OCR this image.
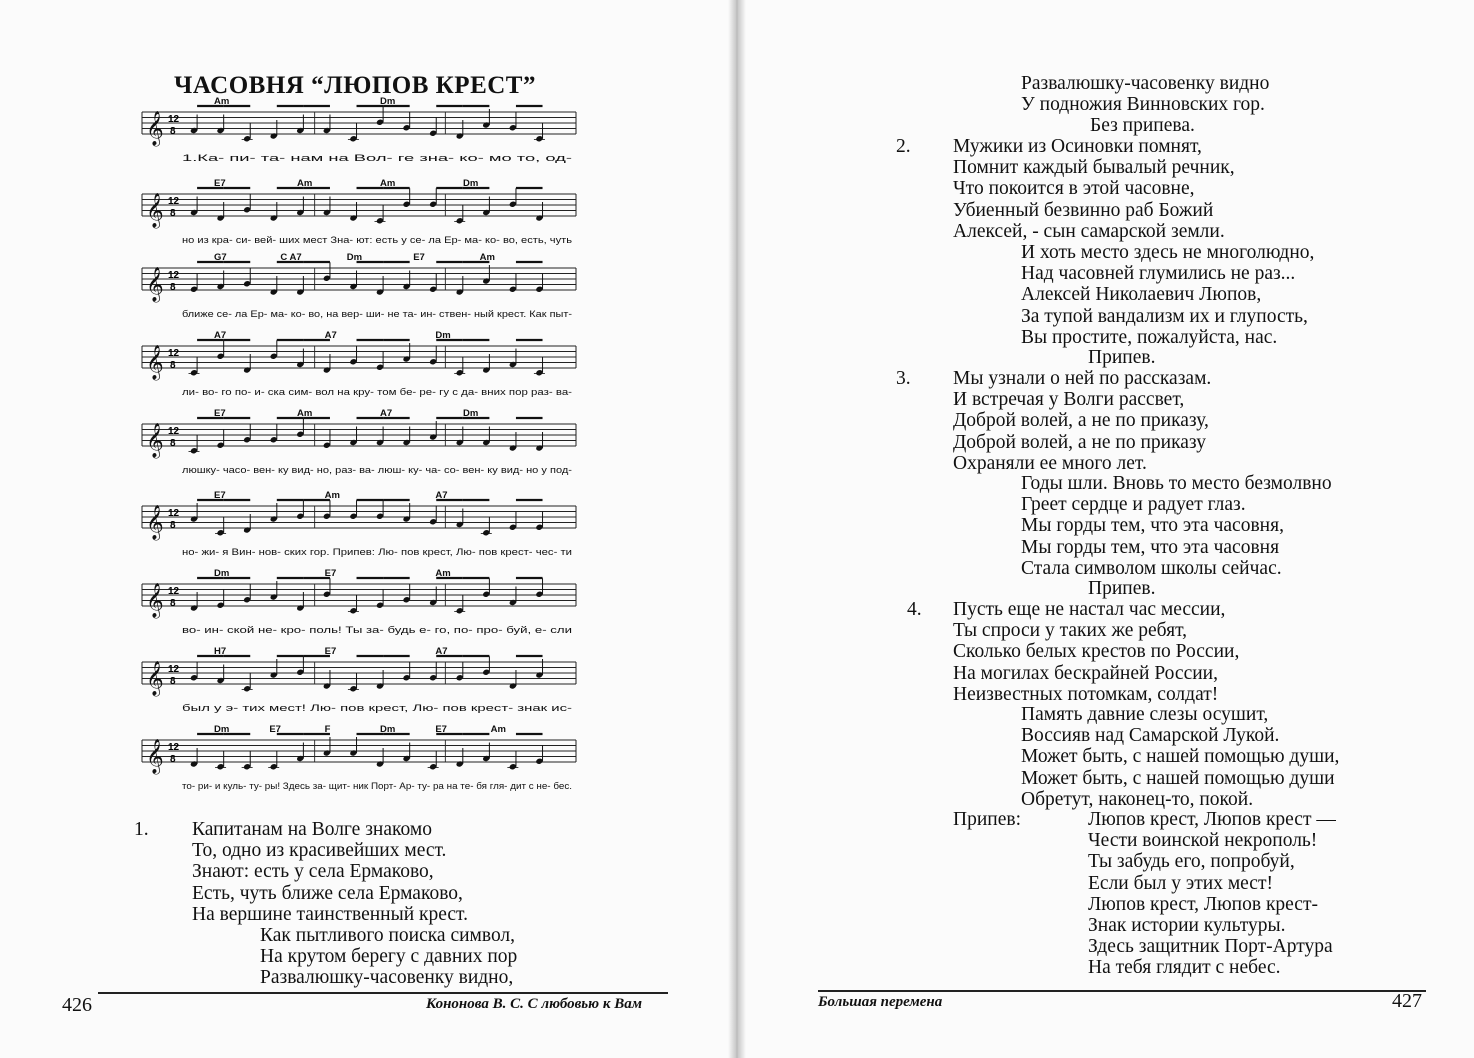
ЧАСОВНЯ “ЛЮПОВ КРЕСТ”
𝄞 12
8
Am	Dm
1.Ка- пи- та- нам на Вол- ге зна- ко- мо то, од-
𝄞 12
8
E7	Am	Am	Dm
но из кра- си- вей- ших мест Зна- ют: есть у се- ла Ер- ма- ко- во, есть, чуть
𝄞 12
8
G7	C A7	Dm	E7	Am
ближе се- ла Ер- ма- ко- во, на вер- ши- не та- ин- ствен- ный крест. Как пыт-
𝄞 12
8
A7	A7	Dm
ли- во- го по- и- ска сим- вол на кру- том бе- ре- гу с да- вних пор раз- ва-
𝄞 12
8
E7	Am	A7	Dm
люшку- часо- вен- ку вид- но, раз- ва- люш- ку- ча- со- вен- ку вид- но у под-
𝄞 12
8
E7	Am	A7
но- жи- я Вин- нов- ских гор. Припев: Лю- пов крест, Лю- пов крест- чес- ти
𝄞 12
8
Dm	E7	Am
во- ин- ской не- кро- поль! Ты за- будь е- го, по- про- буй, е- сли
𝄞 12
8
H7	E7	A7
был у э- тих мест! Лю- пов крест, Лю- пов крест- знак ис-
𝄞 12
8
Dm	E7	F	Dm	E7	Am
то- ри- и куль- ту- ры! Здесь за- щит- ник Порт- Ар- ту- ра на те- бя гля- дит с не- бес.
1. Капитанам на Волге знакомо
То, одно из красивейших мест.
Знают: есть у села Ермаково,
Есть, чуть ближе села Ермаково,
На вершине таинственный крест.
Как пытливого поиска символ,
На крутом берегу с давних пор
Развалюшку-часовенку видно,
426	Кононова В. С. С любовью к Вам
Развалюшку-часовенку видно
У подножия Винновских гор.
Без припева.
2. Мужики из Осиновки помнят,
Помнит каждый бывалый речник,
Что покоится в этой часовне,
Убиенный безвинно раб Божий
Алексей, - сын самарской земли.
И хоть место здесь не многолюдно,
Над часовней глумились не раз...
Алексей Николаевич Люпов,
За тупой вандализм их и глупость,
Вы простите, пожалуйста, нас.
Припев.
3. Мы узнали о ней по рассказам.
И встречая у Волги рассвет,
Доброй волей, а не по приказу,
Доброй волей, а не по приказу
Охраняли ее много лет.
Годы шли. Вновь то место безмолвно
Греет сердце и радует глаз.
Мы горды тем, что эта часовня,
Мы горды тем, что эта часовня
Стала символом школы сейчас.
Припев.
4. Пусть еще не настал час мессии,
Ты спроси у таких же ребят,
Сколько белых крестов по России,
На могилах бескрайней России,
Неизвестных потомкам, солдат!
Память давние слезы осушит,
Воссияв над Самарской Лукой.
Может быть, с нашей помощью души,
Может быть, с нашей помощью души
Обретут, наконец-то, покой.
Припев:	Люпов крест, Люпов крест —
Чести воинской некрополь!
Ты забудь его, попробуй,
Если был у этих мест!
Люпов крест, Люпов крест-
Знак истории культуры.
Здесь защитник Порт-Артура
На тебя глядит с небес.
Большая перемена	427
